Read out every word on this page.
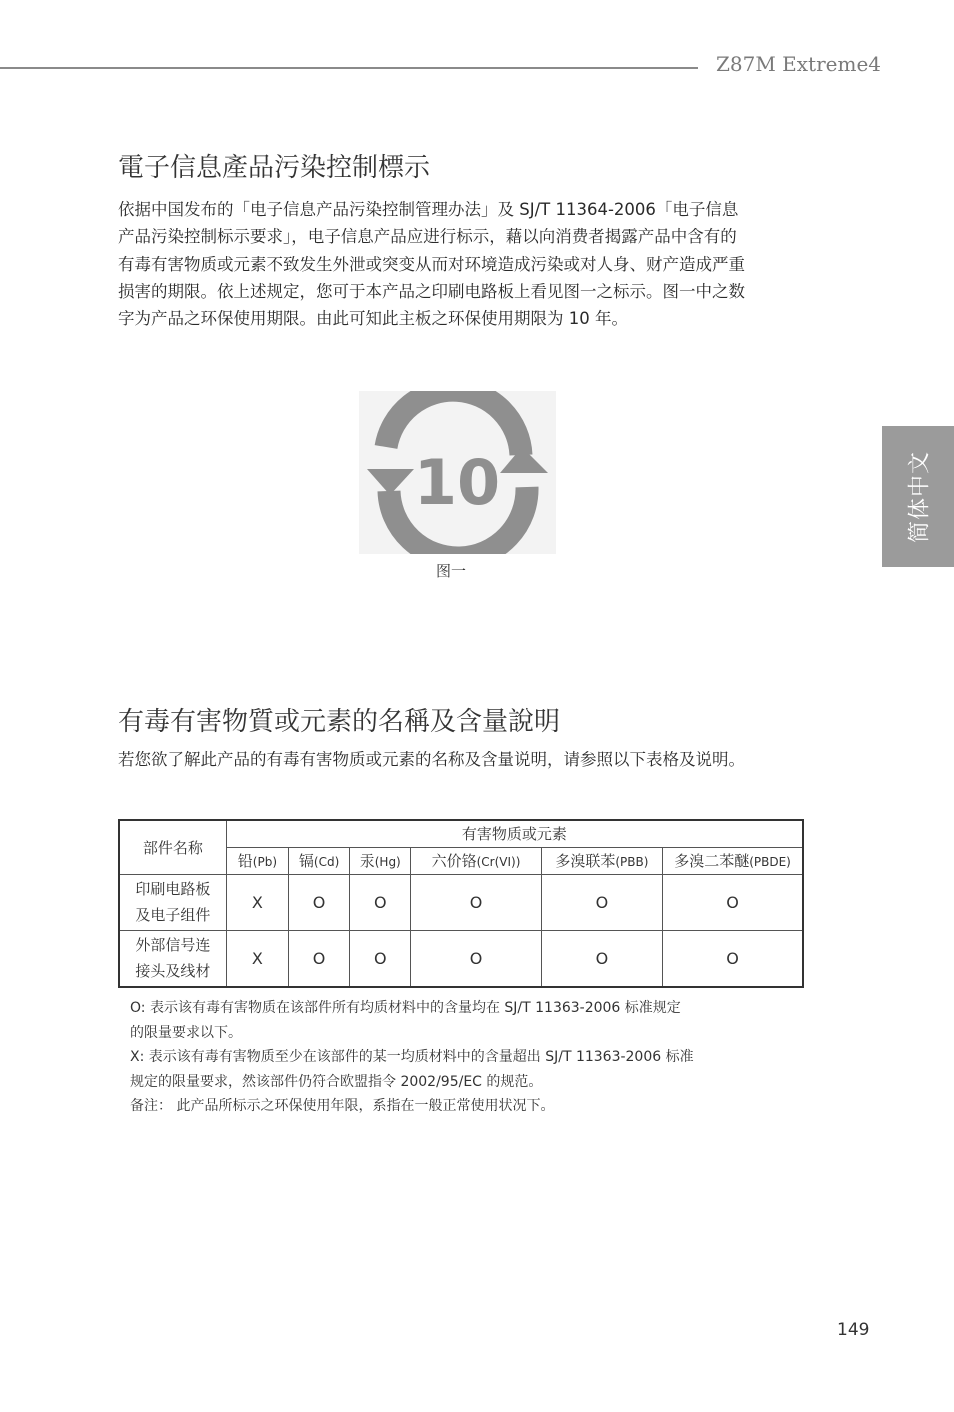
Z87M Extreme4
简体中文
電子信息產品污染控制標示

依据中国发布的「电子信息产品污染控制管理办法」及 SJ/T 11364-2006「电子信息产品污染控制标示要求」，电子信息产品应进行标示，藉以向消费者揭露产品中含有的有毒有害物质或元素不致发生外泄或突变从而对环境造成污染或对人身、财产造成严重损害的期限。依上述规定，您可于本产品之印刷电路板上看见图一之标示。图一中之数字为产品之环保使用期限。由此可知此主板之环保使用期限为 10 年。

10
图一
有毒有害物質或元素的名稱及含量說明

若您欲了解此产品的有毒有害物质或元素的名称及含量说明，请参照以下表格及说明。

部件名称	有害物质或元素					
	铅(Pb)	镉(Cd)	汞(Hg)	六价铬(Cr(VI))	多溴联苯(PBB)	多溴二苯醚(PBDE)
印刷电路板
及电子组件	X	O	O	O	O	O
外部信号连
接头及线材	X	O	O	O	O	O

O: 表示该有毒有害物质在该部件所有均质材料中的含量均在 SJ/T 11363-2006 标准规定

的限量要求以下。

X: 表示该有毒有害物质至少在该部件的某一均质材料中的含量超出 SJ/T 11363-2006 标准

规定的限量要求，然该部件仍符合欧盟指令 2002/95/EC 的规范。

备注： 此产品所标示之环保使用年限，系指在一般正常使用状况下。

149
